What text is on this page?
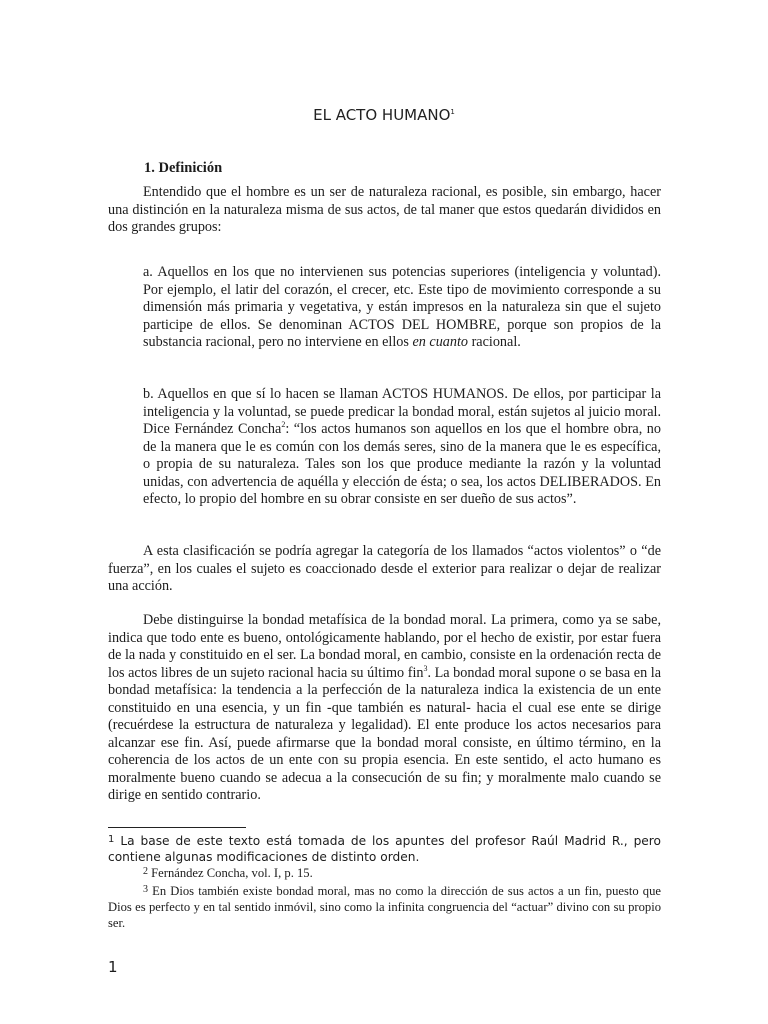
EL ACTO HUMANO$^1$
1. Definición

Entendido que el hombre es un ser de naturaleza racional, es posible, sin embargo, hacer una distinción en la naturaleza misma de sus actos, de tal maner que estos quedarán divididos en dos grandes grupos:

a. Aquellos en los que no intervienen sus potencias superiores (inteligencia y voluntad). Por ejemplo, el latir del corazón, el crecer, etc. Este tipo de movimiento corresponde a su dimensión más primaria y vegetativa, y están impresos en la naturaleza sin que el sujeto participe de ellos. Se denominan ACTOS DEL HOMBRE, porque son propios de la substancia racional, pero no interviene en ellos en cuanto racional.

b. Aquellos en que sí lo hacen se llaman ACTOS HUMANOS. De ellos, por participar la inteligencia y la voluntad, se puede predicar la bondad moral, están sujetos al juicio moral. Dice Fernández Concha$^2$: “los actos humanos son aquellos en los que el hombre obra, no de la manera que le es común con los demás seres, sino de la manera que le es específica, o propia de su naturaleza. Tales son los que produce mediante la razón y la voluntad unidas, con advertencia de aquélla y elección de ésta; o sea, los actos DELIBERADOS. En efecto, lo propio del hombre en su obrar consiste en ser dueño de sus actos”.

A esta clasificación se podría agregar la categoría de los llamados “actos violentos” o “de fuerza”, en los cuales el sujeto es coaccionado desde el exterior para realizar o dejar de realizar una acción.

Debe distinguirse la bondad metafísica de la bondad moral. La primera, como ya se sabe, indica que todo ente es bueno, ontológicamente hablando, por el hecho de existir, por estar fuera de la nada y constituido en el ser. La bondad moral, en cambio, consiste en la ordenación recta de los actos libres de un sujeto racional hacia su último fin$^3$. La bondad moral supone o se basa en la bondad metafísica: la tendencia a la perfección de la naturaleza indica la existencia de un ente constituido en una esencia, y un fin -que también es natural- hacia el cual ese ente se dirige (recuérdese la estructura de naturaleza y legalidad). El ente produce los actos necesarios para alcanzar ese fin. Así, puede afirmarse que la bondad moral consiste, en último término, en la coherencia de los actos de un ente con su propia esencia. En este sentido, el acto humano es moralmente bueno cuando se adecua a la consecución de su fin; y moralmente malo cuando se dirige en sentido contrario.

$^1$ La base de este texto está tomada de los apuntes del profesor Raúl Madrid R., pero contiene algunas modificaciones de distinto orden.

$^2$ Fernández Concha, vol. I, p. 15.

$^3$ En Dios también existe bondad moral, mas no como la dirección de sus actos a un fin, puesto que Dios es perfecto y en tal sentido inmóvil, sino como la infinita congruencia del “actuar” divino con su propio ser.

1
